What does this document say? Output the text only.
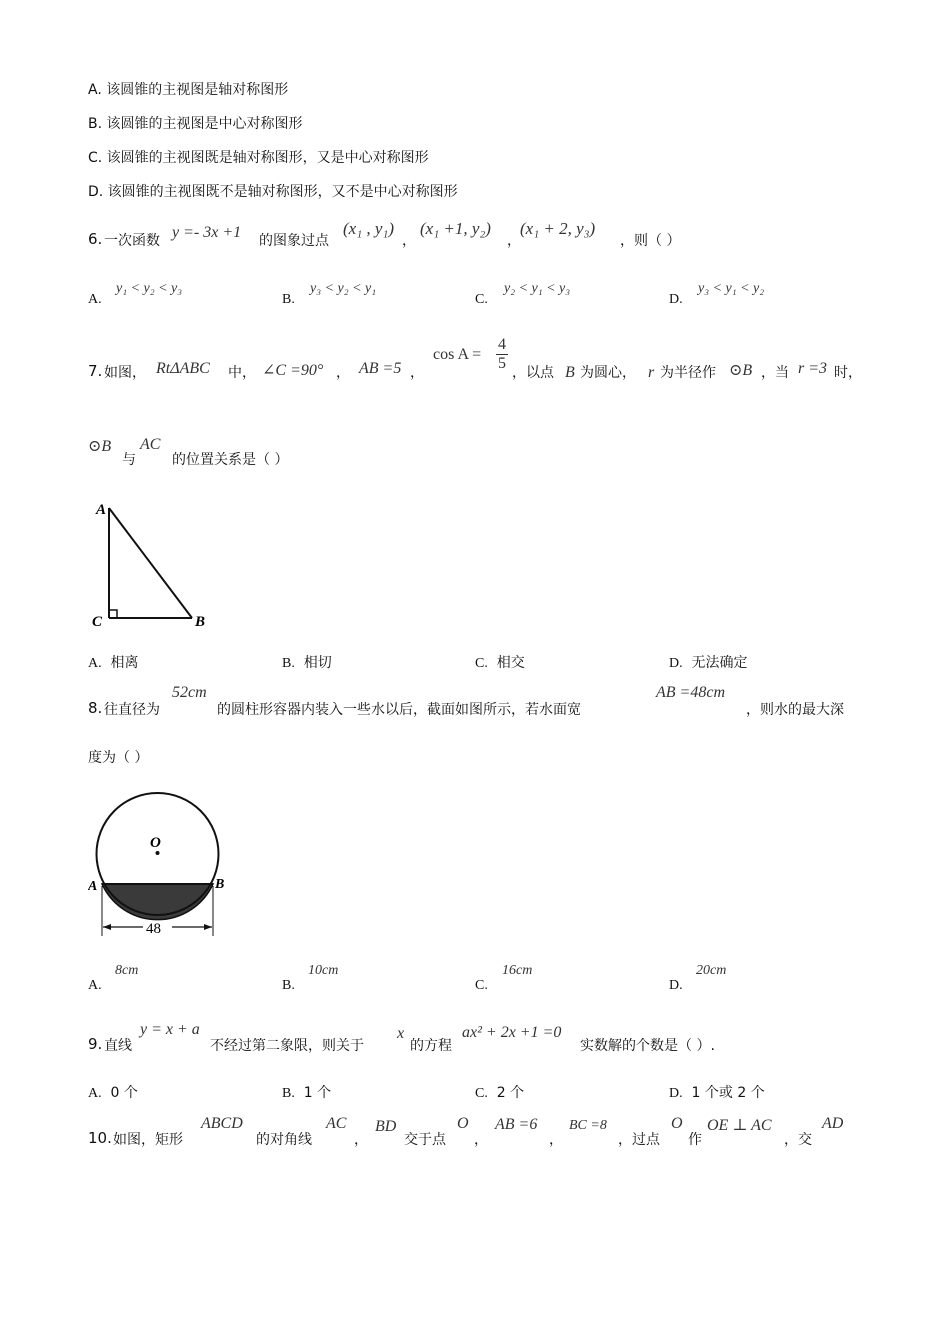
A. 该圆锥的主视图是轴对称图形
B. 该圆锥的主视图是中心对称图形
C. 该圆锥的主视图既是轴对称图形，又是中心对称图形
D. 该圆锥的主视图既不是轴对称图形，又不是中心对称图形
6. 一次函数 y =- 3x +1 的图象过点
(x₁ , y₁)
，
(x₁ +1, y₂)
，
(x₁ + 2, y₃)
，则（ ）
A.
y₁ < y₂ < y₃
B.
y₃ < y₂ < y₁
C.
y₂ < y₁ < y₃
D.
y₃ < y₁ < y₂
7. 如图， RtΔABC 中， ∠C =90° ， AB =5 ，
$\cos A = \frac{4}{5}$ ，以点 B 为圆心， r 为半径作 ⊙B ，当 r =3 时，
⊙B
与
AC
的位置关系是（ ）
A
C	B
A. 相离	B. 相切	C. 相交	D. 无法确定
8. 往直径为
52cm
的圆柱形容器内装入一些水以后，截面如图所示，若水面宽
AB =48cm
，则水的最大深
度为（ ）
O
A	B
48
A.
8cm
B.
10cm
C.
16cm
D.
20cm
9. 直线
y = x + a
不经过第二象限，则关于
x
的方程
ax² + 2x +1 =0
实数解的个数是（ ）.
A. 0 个	B. 1 个	C. 2 个	D. 1 个或 2 个
10. 如图，矩形
ABCD
的对角线
AC
，
BD
交于点
O
，
AB =6
，
BC =8
，过点
O
作
OE ⊥ AC
，交
AD
